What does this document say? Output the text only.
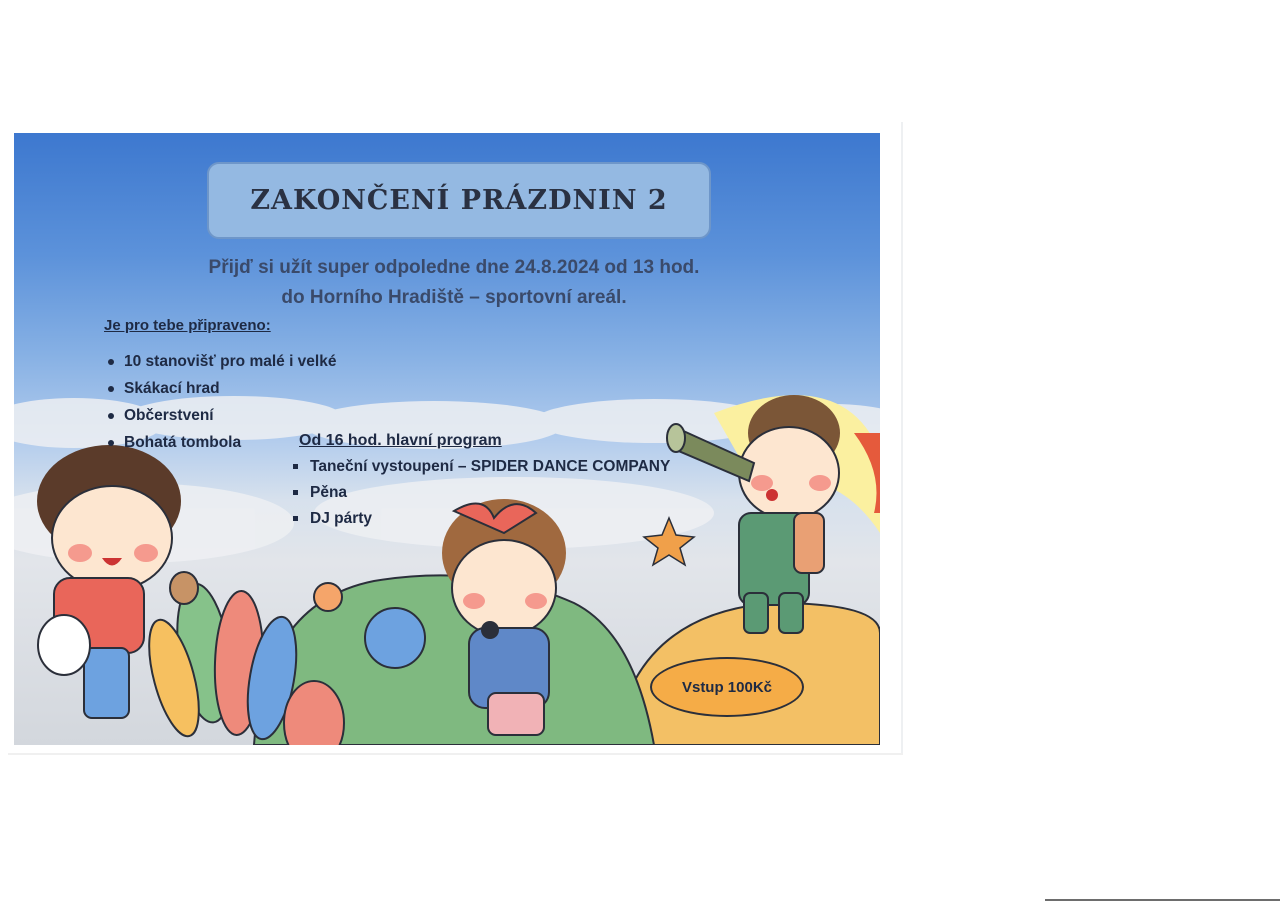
ZAKONČENÍ PRÁZDNIN 2
Přijď si užít super odpoledne dne 24.8.2024 od 13 hod.
do Horního Hradiště – sportovní areál.
Je pro tebe připraveno:
10 stanovišť pro malé i velké
Skákací hrad
Občerstvení
Bohatá tombola	Od 16 hod. hlavní program
Taneční vystoupení – SPIDER DANCE COMPANY
Pěna
DJ párty
Vstup 100Kč
